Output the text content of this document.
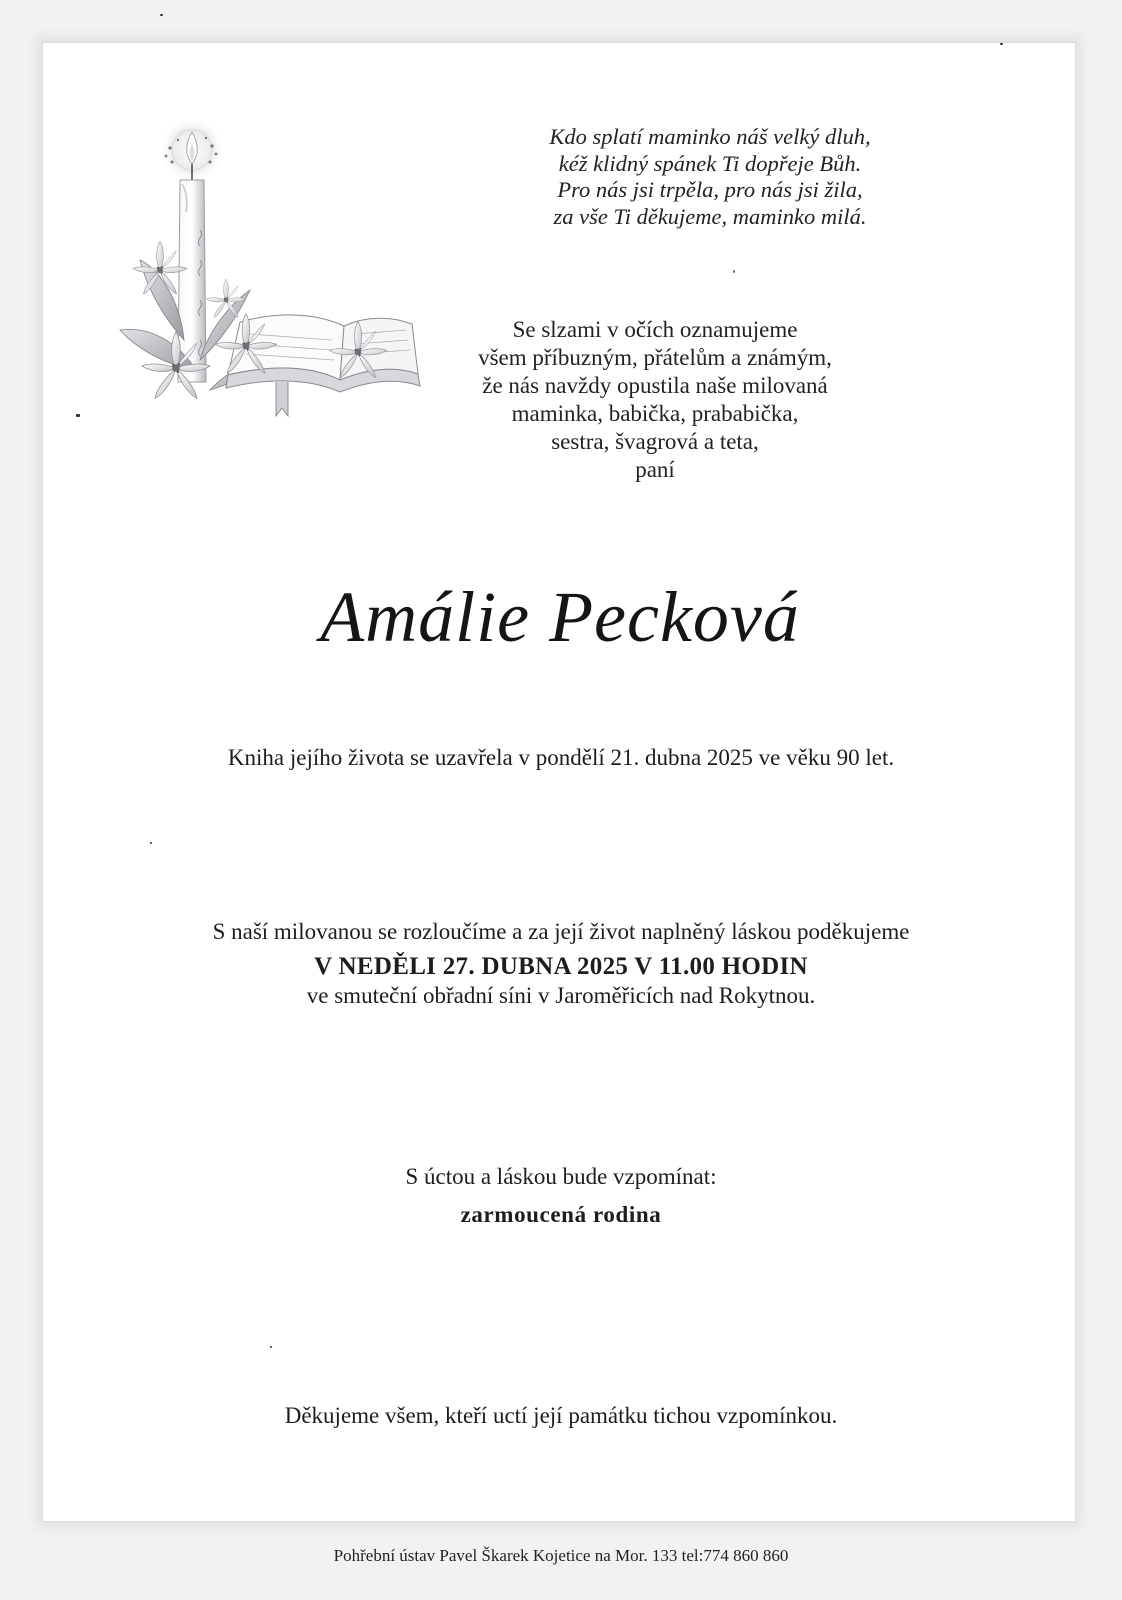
Kdo splatí maminko náš velký dluh,
kéž klidný spánek Ti dopřeje Bůh.
Pro nás jsi trpěla, pro nás jsi žila,
za vše Ti děkujeme, maminko milá.
Se slzami v očích oznamujeme
všem příbuzným, přátelům a známým,
že nás navždy opustila naše milovaná
maminka, babička, prababička,
sestra, švagrová a teta,
paní
Amálie Pecková
Kniha jejího života se uzavřela v pondělí 21. dubna 2025 ve věku 90 let.
S naší milovanou se rozloučíme a za její život naplněný láskou poděkujeme
V NEDĚLI 27. DUBNA 2025 V 11.00 HODIN
ve smuteční obřadní síni v Jaroměřicích nad Rokytnou.
S úctou a láskou bude vzpomínat:
zarmoucená rodina
Děkujeme všem, kteří uctí její památku tichou vzpomínkou.
Pohřební ústav Pavel Škarek Kojetice na Mor. 133 tel:774 860 860
